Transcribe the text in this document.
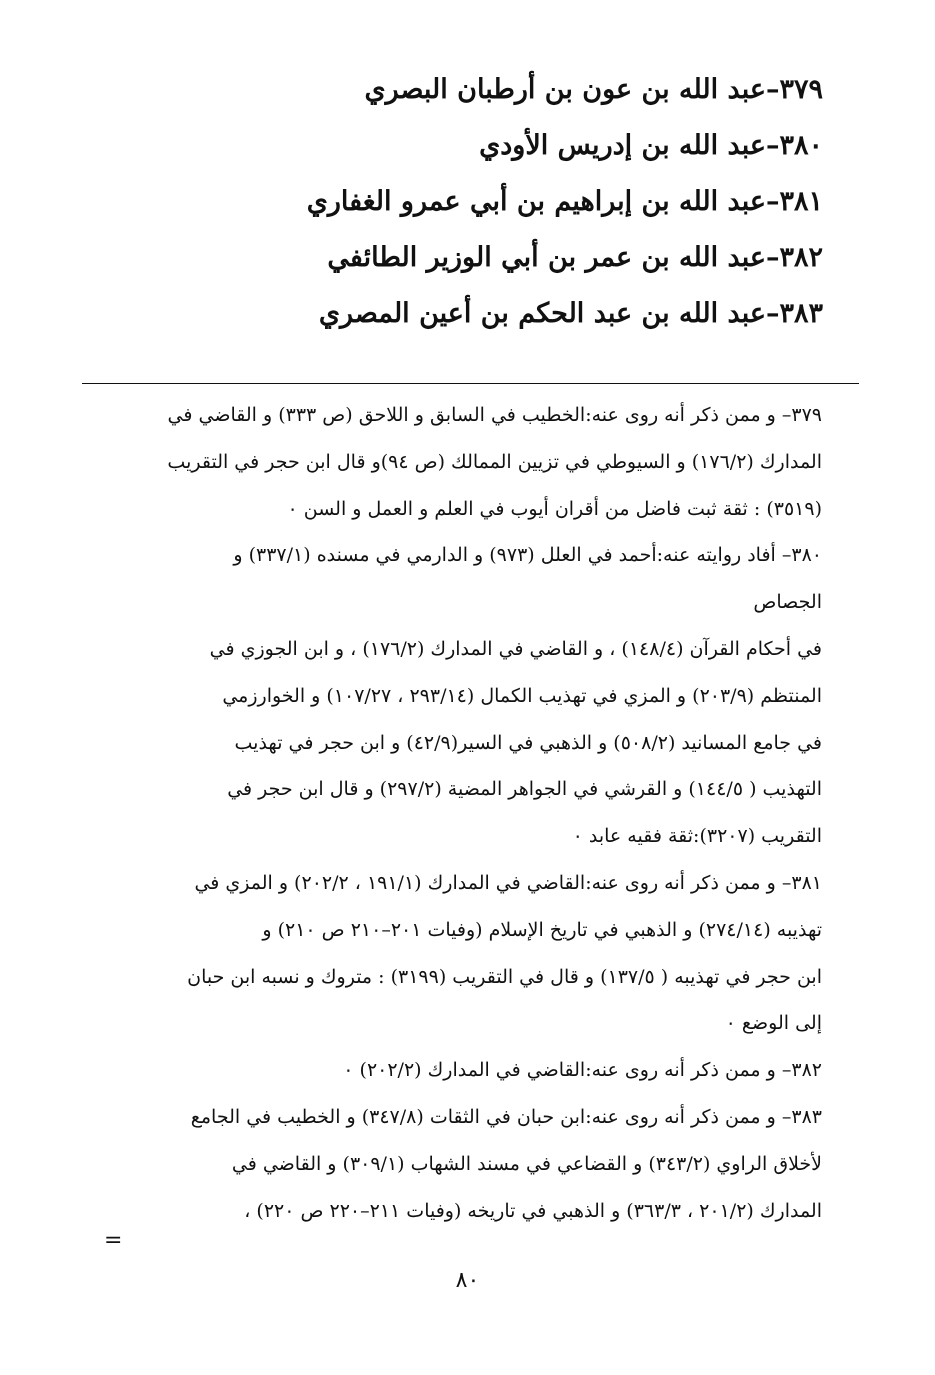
٣٧٩–عبد الله بن عون بن أرطبان البصري
٣٨٠–عبد الله بن إدريس الأودي
٣٨١–عبد الله بن إبراهيم بن أبي عمرو الغفاري
٣٨٢–عبد الله بن عمر بن أبي الوزير الطائفي
٣٨٣–عبد الله بن عبد الحكم بن أعين المصري
٣٧٩– و ممن ذكر أنه روى عنه:الخطيب في السابق و اللاحق (ص ٣٣٣) و القاضي في
المدارك (١٧٦/٢) و السيوطي في تزيين الممالك (ص ٩٤)و قال ابن حجر في التقريب
(٣٥١٩) : ثقة ثبت فاضل من أقران أيوب في العلم و العمل و السن ٠
٣٨٠– أفاد روايته عنه:أحمد في العلل (٩٧٣) و الدارمي في مسنده (٣٣٧/١) و
الجصاص
في أحكام القرآن (١٤٨/٤) ، و القاضي في المدارك (١٧٦/٢) ، و ابن الجوزي في
المنتظم (٢٠٣/٩) و المزي في تهذيب الكمال (٢٩٣/١٤ ، ١٠٧/٢٧) و الخوارزمي
في جامع المسانيد (٥٠٨/٢) و الذهبي في السير(٤٢/٩) و ابن حجر في تهذيب
التهذيب ( ١٤٤/٥) و القرشي في الجواهر المضية (٢٩٧/٢) و قال ابن حجر في
التقريب (٣٢٠٧):ثقة فقيه عابد ٠
٣٨١– و ممن ذكر أنه روى عنه:القاضي في المدارك (١٩١/١ ، ٢٠٢/٢) و المزي في
تهذيبه (٢٧٤/١٤) و الذهبي في تاريخ الإسلام (وفيات ٢٠١–٢١٠ ص ٢١٠) و
ابن حجر في تهذيبه ( ١٣٧/٥) و قال في التقريب (٣١٩٩) : متروك و نسبه ابن حبان
إلى الوضع ٠
٣٨٢– و ممن ذكر أنه روى عنه:القاضي في المدارك (٢٠٢/٢) ٠
٣٨٣– و ممن ذكر أنه روى عنه:ابن حبان في الثقات (٣٤٧/٨) و الخطيب في الجامع
لأخلاق الراوي (٣٤٣/٢) و القضاعي في مسند الشهاب (٣٠٩/١) و القاضي في
المدارك (٢٠١/٢ ، ٣٦٣/٣) و الذهبي في تاريخه (وفيات ٢١١–٢٢٠ ص ٢٢٠) ،
=
٨٠
